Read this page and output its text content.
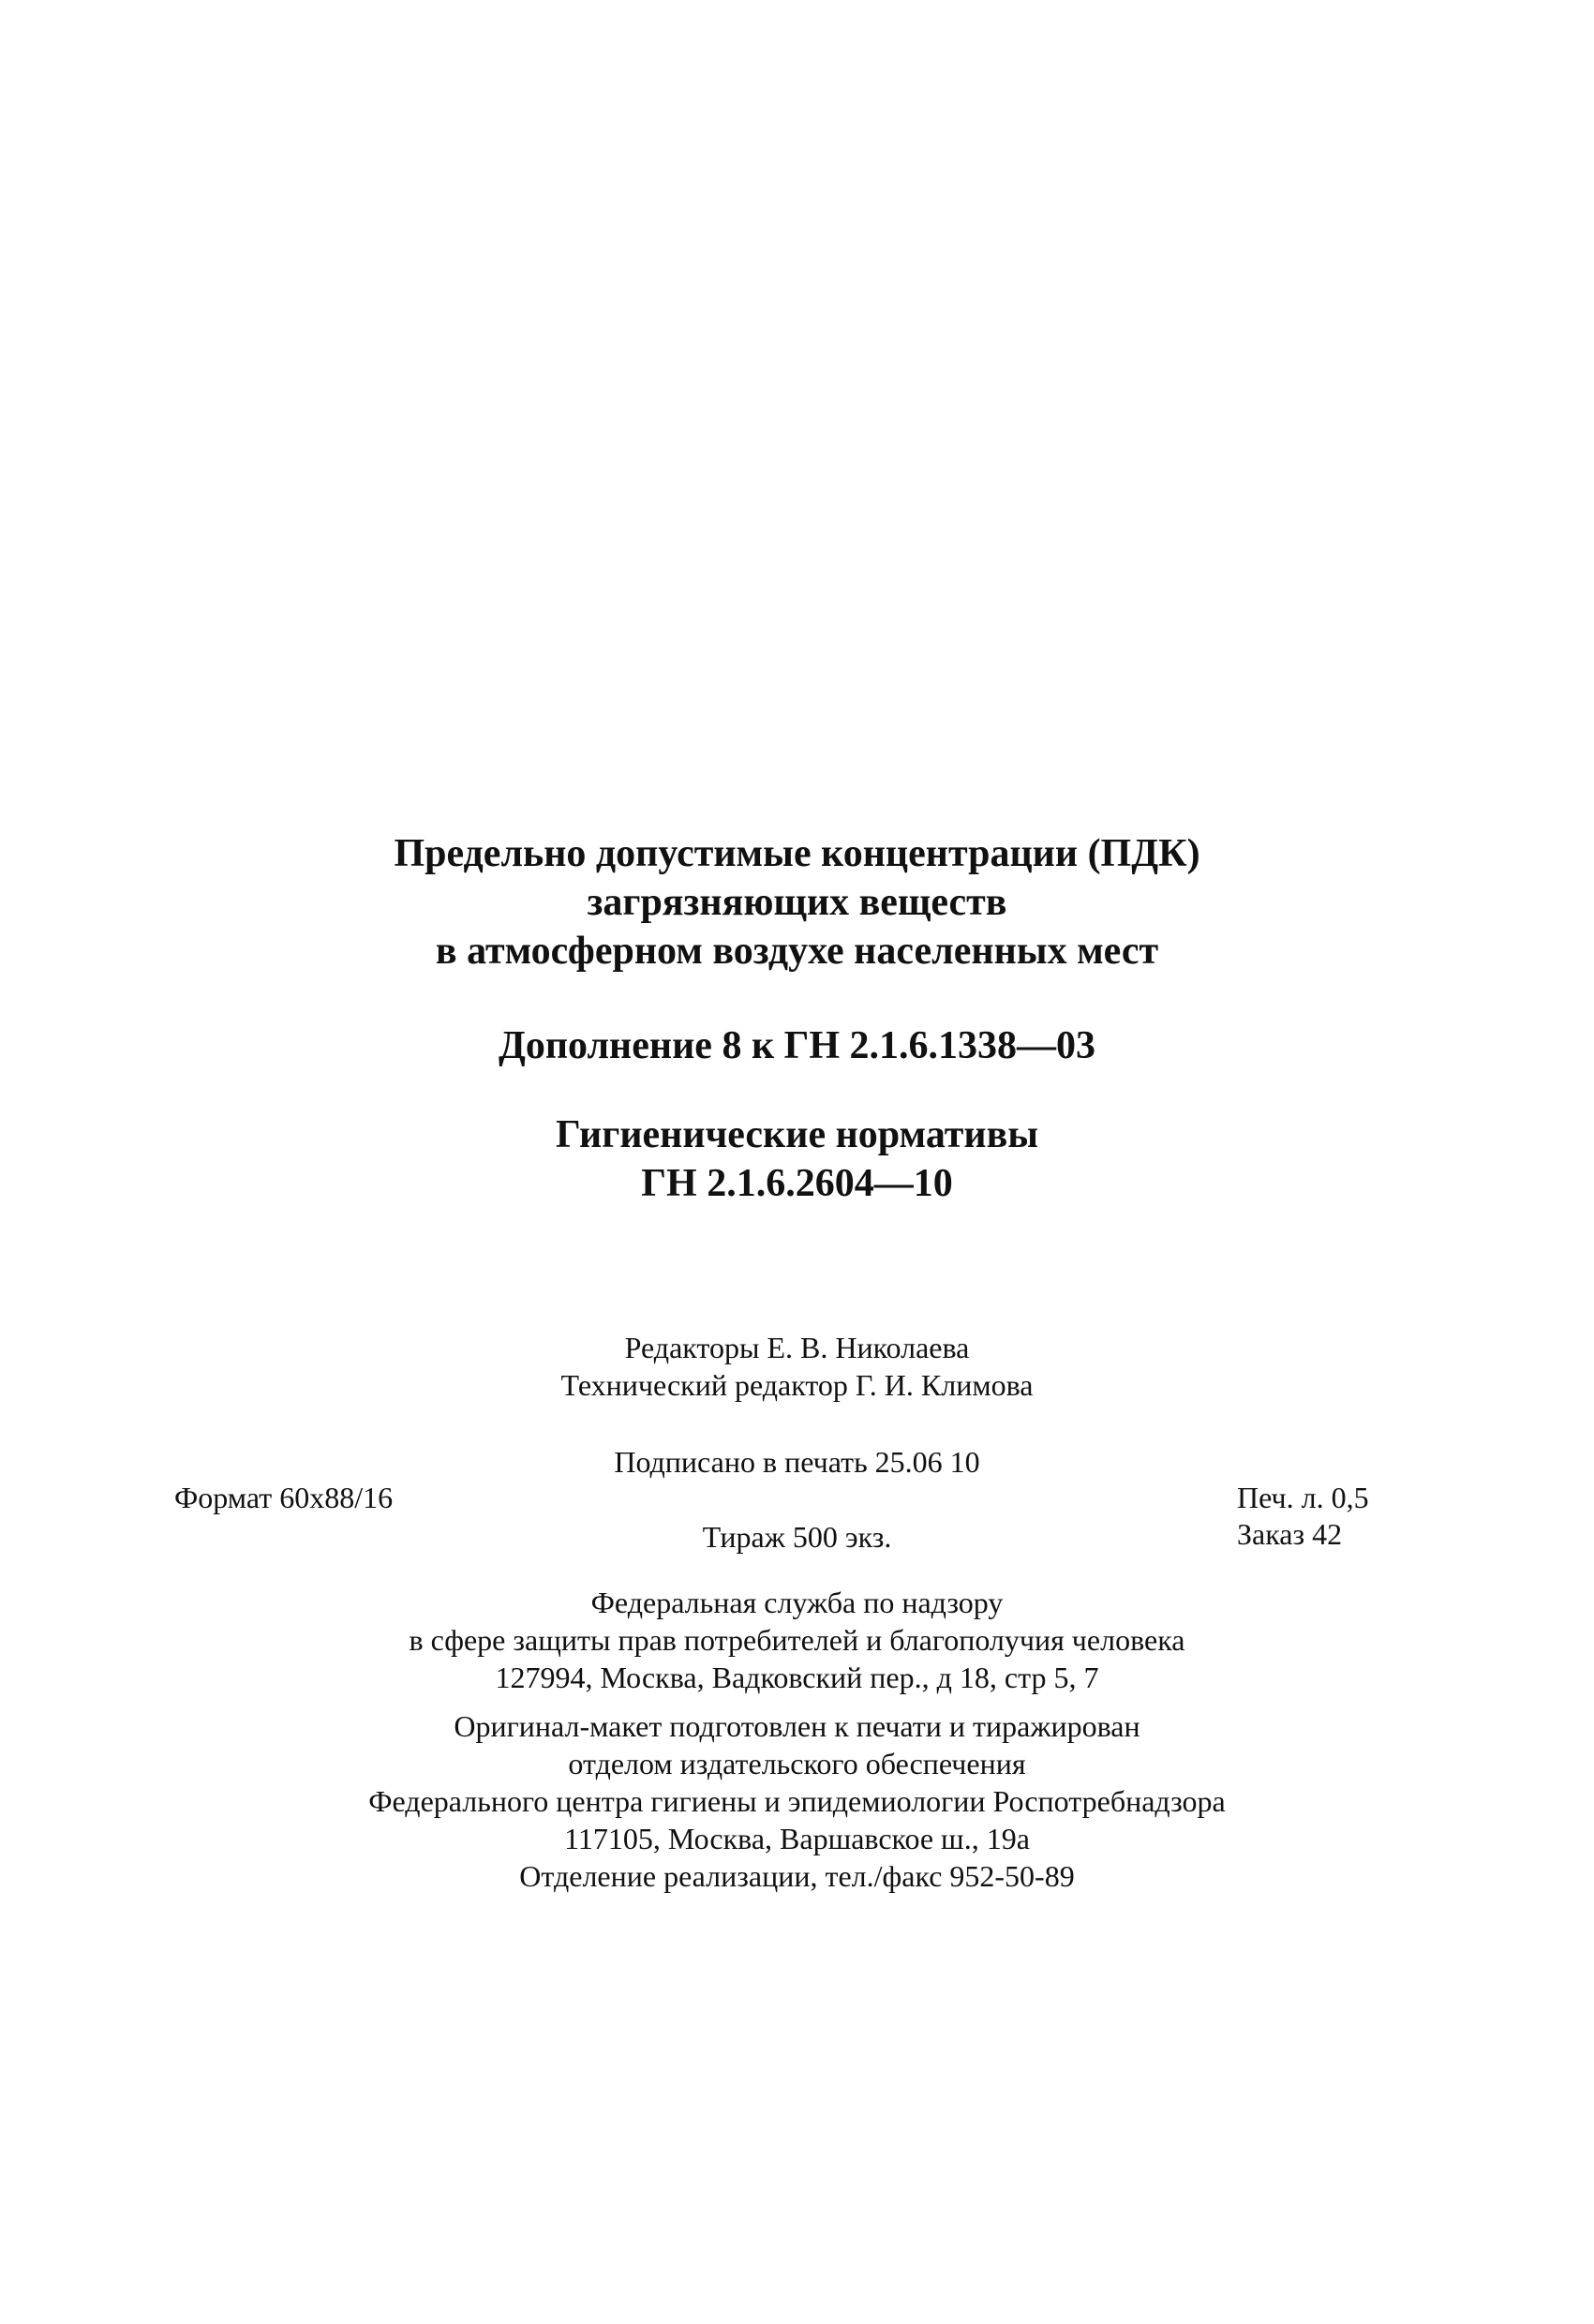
Предельно допустимые концентрации (ПДК)
загрязняющих веществ
в атмосферном воздухе населенных мест
Дополнение 8 к ГН 2.1.6.1338—03
Гигиенические нормативы
ГН 2.1.6.2604—10
Редакторы Е. В. Николаева
Технический редактор Г. И. Климова
Подписано в печать 25.06 10
Формат 60х88/16	Печ. л. 0,5
Тираж 500 экз.	Заказ 42
Федеральная служба по надзору
в сфере защиты прав потребителей и благополучия человека
127994, Москва, Вадковский пер., д 18, стр 5, 7
Оригинал-макет подготовлен к печати и тиражирован
отделом издательского обеспечения
Федерального центра гигиены и эпидемиологии Роспотребнадзора
117105, Москва, Варшавское ш., 19а
Отделение реализации, тел./факс 952-50-89
